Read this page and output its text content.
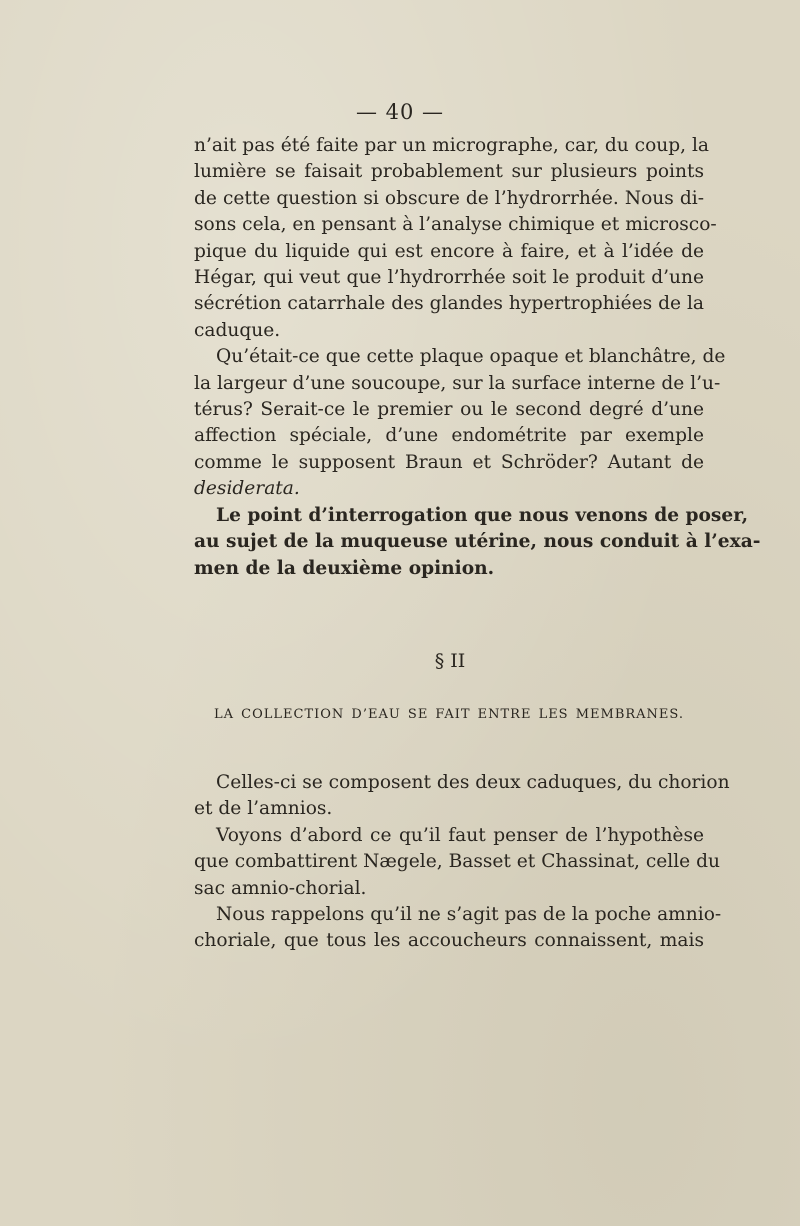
— 40 —
n’ait pas été faite par un micrographe, car, du coup, la
lumière se faisait probablement sur plusieurs points
de cette question si obscure de l’hydrorrhée. Nous di-
sons cela, en pensant à l’analyse chimique et microsco-
pique du liquide qui est encore à faire, et à l’idée de
Hégar, qui veut que l’hydrorrhée soit le produit d’une
sécrétion catarrhale des glandes hypertrophiées de la
caduque.
Qu’était-ce que cette plaque opaque et blanchâtre, de
la largeur d’une soucoupe, sur la surface interne de l’u-
térus? Serait-ce le premier ou le second degré d’une
affection spéciale, d’une endométrite par exemple
comme le supposent Braun et Schröder? Autant de
desiderata.
Le point d’interrogation que nous venons de poser,
au sujet de la muqueuse utérine, nous conduit à l’exa-
men de la deuxième opinion.
§ II
LA COLLECTION D’EAU SE FAIT ENTRE LES MEMBRANES.
Celles-ci se composent des deux caduques, du chorion
et de l’amnios.
Voyons d’abord ce qu’il faut penser de l’hypothèse
que combattirent Nægele, Basset et Chassinat, celle du
sac amnio-chorial.
Nous rappelons qu’il ne s’agit pas de la poche amnio-
choriale, que tous les accoucheurs connaissent, mais
